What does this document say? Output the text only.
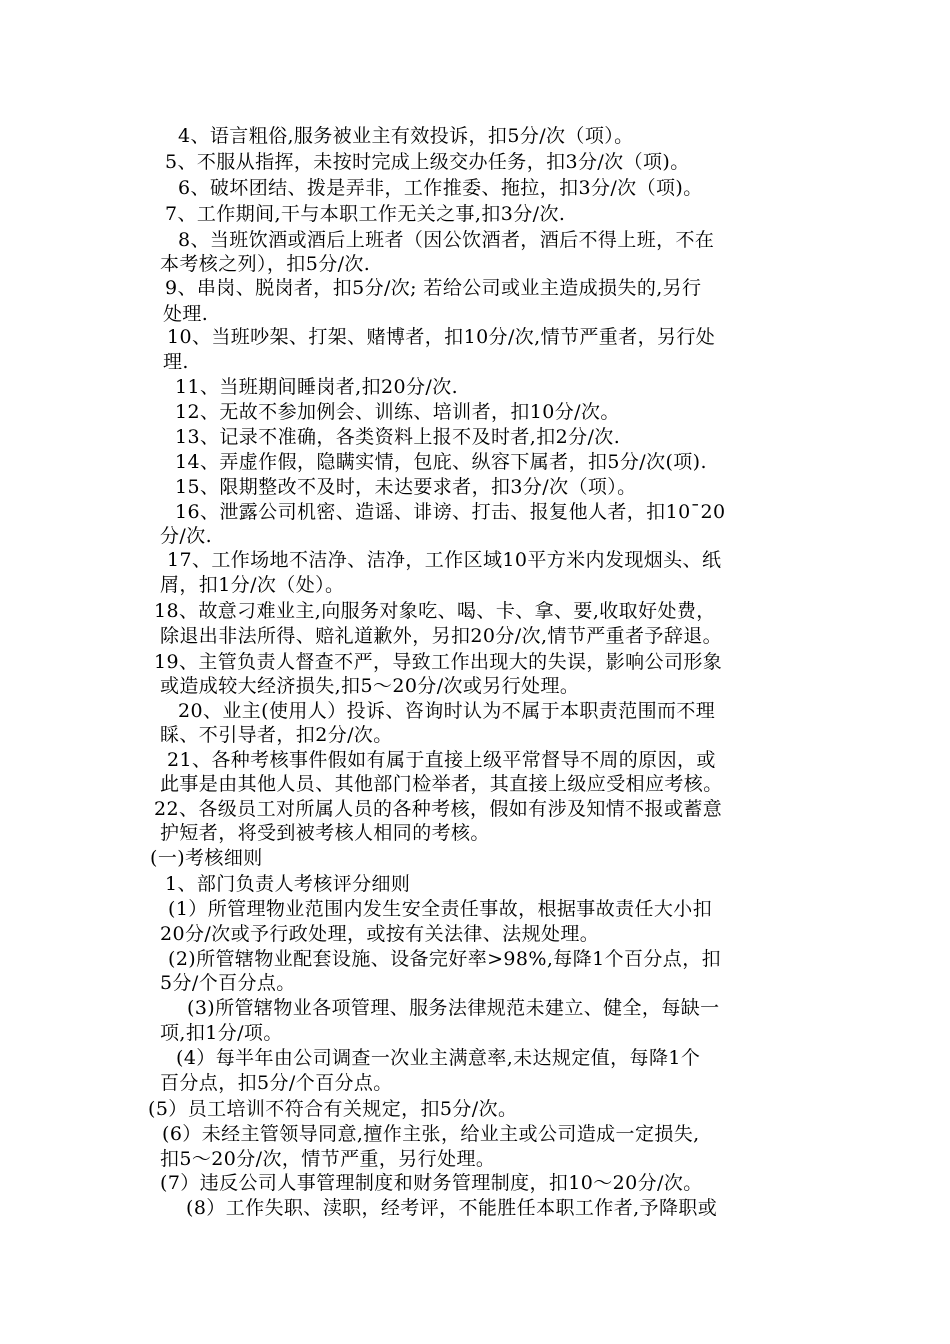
4、语言粗俗,服务被业主有效投诉，扣5分/次（项）。
5、不服从指挥，未按时完成上级交办任务，扣3分/次（项)。
6、破坏团结、拨是弄非，工作推委、拖拉，扣3分/次（项)。
7、工作期间,干与本职工作无关之事,扣3分/次.
8、当班饮酒或酒后上班者（因公饮酒者，酒后不得上班，不在
本考核之列），扣5分/次.
9、串岗、脱岗者，扣5分/次; 若给公司或业主造成损失的,另行
处理.
10、当班吵架、打架、赌博者，扣10分/次,情节严重者，另行处
理.
11、当班期间睡岗者,扣20分/次.
12、无故不参加例会、训练、培训者，扣10分/次。
13、记录不准确，各类资料上报不及时者,扣2分/次.
14、弄虚作假，隐瞒实情，包庇、纵容下属者，扣5分/次(项).
15、限期整改不及时，未达要求者，扣3分/次（项）。
16、泄露公司机密、造谣、诽谤、打击、报复他人者，扣10¯20
分/次.
17、工作场地不洁净、洁净，工作区域10平方米内发现烟头、纸
屑，扣1分/次（处）。
18、故意刁难业主,向服务对象吃、喝、卡、拿、要,收取好处费，
除退出非法所得、赔礼道歉外，另扣20分/次,情节严重者予辞退。
19、主管负责人督查不严，导致工作出现大的失误，影响公司形象
或造成较大经济损失,扣5～20分/次或另行处理。
20、业主(使用人）投诉、咨询时认为不属于本职责范围而不理
睬、不引导者，扣2分/次。
21、各种考核事件假如有属于直接上级平常督导不周的原因，或
此事是由其他人员、其他部门检举者，其直接上级应受相应考核。
22、各级员工对所属人员的各种考核，假如有涉及知情不报或蓄意
护短者，将受到被考核人相同的考核。
(一)考核细则
1、部门负责人考核评分细则
(1）所管理物业范围内发生安全责任事故，根据事故责任大小扣
20分/次或予行政处理，或按有关法律、法规处理。
(2)所管辖物业配套设施、设备完好率>98%,每降1个百分点，扣
5分/个百分点。
(3)所管辖物业各项管理、服务法律规范未建立、健全，每缺一
项,扣1分/项。
(4）每半年由公司调查一次业主满意率,未达规定值，每降1个
百分点，扣5分/个百分点。
(5）员工培训不符合有关规定，扣5分/次。
(6）未经主管领导同意,擅作主张，给业主或公司造成一定损失,
扣5～20分/次，情节严重，另行处理。
(7）违反公司人事管理制度和财务管理制度，扣10～20分/次。
(8）工作失职、渎职，经考评，不能胜任本职工作者,予降职或
